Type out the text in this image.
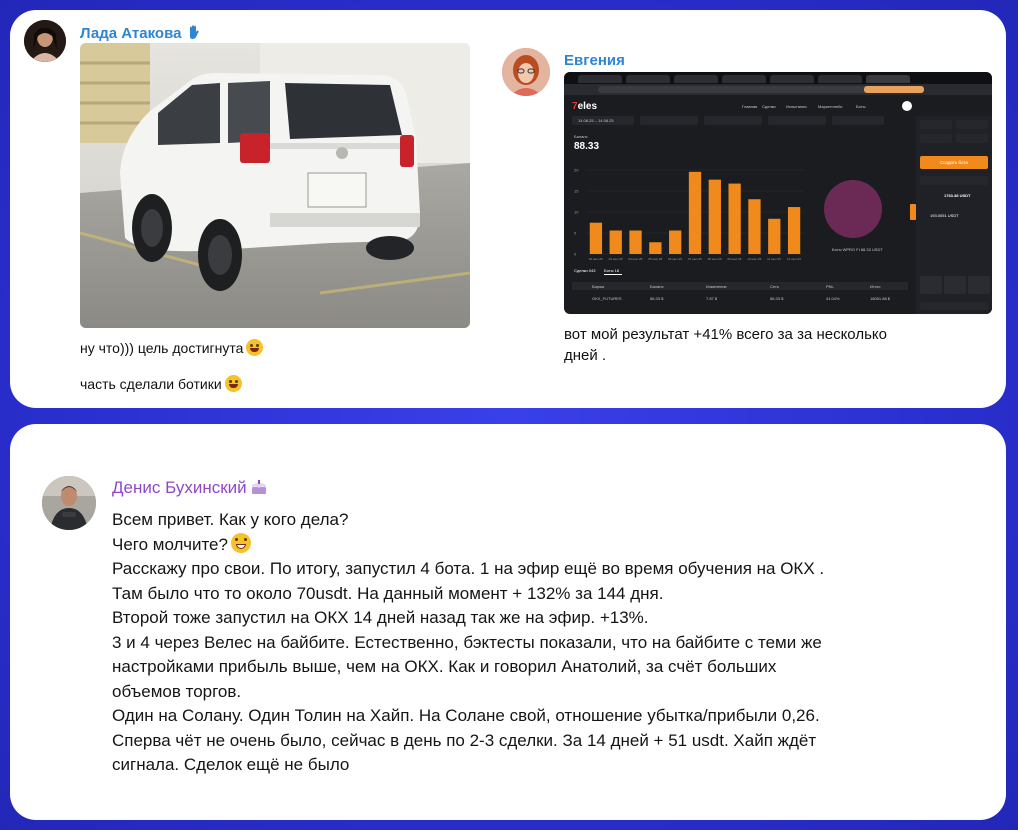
Лада Атакова
ну что))) цель достигнута
часть сделали ботики
Евгения
7eles	Главная Сделки	Испытания	Маркетплейс	Боты
14.08.25 – 14.08.25
Баланс
88.33
20
15
10
5
0
02 июл.25 03 июл.25 04 июл.25 05 июл.25 06 июл.25 07 июл.25 08 июл.25 09 июл.25 10 июл.25 11 июл.25 12 июл.25
Боты WPRO FI 88.33 USDT
Сделки 043 Боты 18
Биржа	Баланс	Изменение	Сеть	PNL	Итого
OKX_FUTURES	88.33 $	7.87 $	88.33 $	41.04%	18051.88 $
Создать бота
1763.38 USDT
193.0051 USDT
вот мой результат +41% всего за за несколько
дней .
Денис Бухинский
Всем привет. Как у кого дела?
Чего молчите?
Расскажу про свои. По итогу, запустил 4 бота. 1 на эфир ещё во время обучения на ОКХ .
Там было что то около 70usdt. На данный момент + 132% за 144 дня.
Второй тоже запустил на ОКХ 14 дней назад так же на эфир. +13%.
3 и 4 через Велес на байбите. Естественно, бэктесты показали, что на байбите с теми же
настройками прибыль выше, чем на ОКХ. Как и говорил Анатолий, за счёт больших
объемов торгов.
Один на Солану. Один Толин на Хайп. На Солане свой, отношение убытка/прибыли 0,26.
Сперва чёт не очень было, сейчас в день по 2-3 сделки. За 14 дней + 51 usdt. Хайп ждёт
сигнала. Сделок ещё не было
